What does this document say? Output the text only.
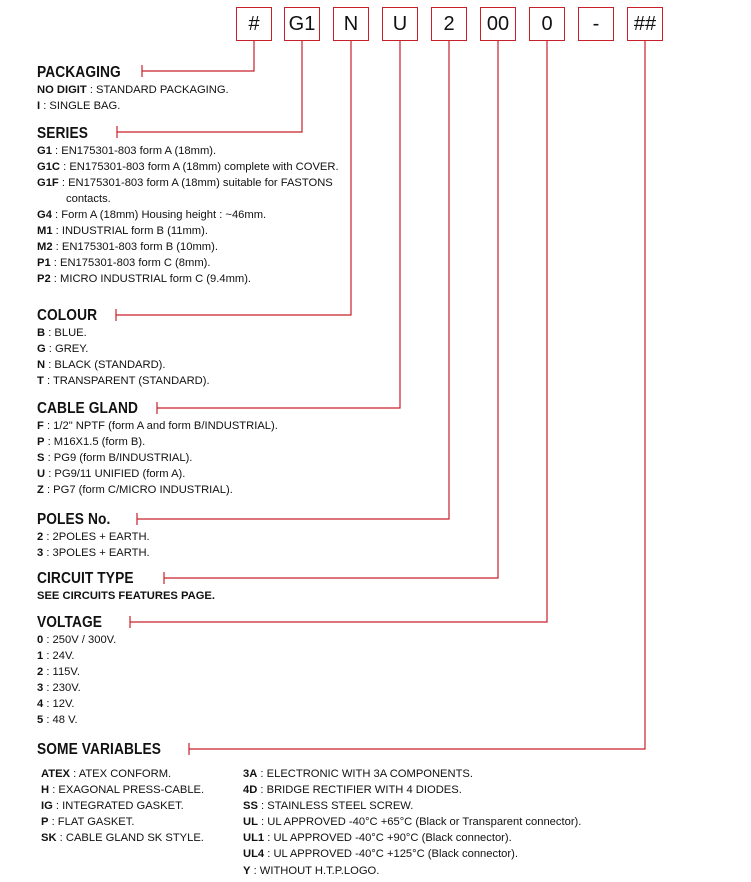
#	G1	N	U	2	00	0	-	##
PACKAGING
NO DIGIT : STANDARD PACKAGING.
I : SINGLE BAG.
SERIES
G1 : EN175301-803 form A (18mm).
G1C : EN175301-803 form A (18mm) complete with COVER.
G1F : EN175301-803 form A (18mm) suitable for FASTONS
contacts.
G4 : Form A (18mm) Housing height : ~46mm.
M1 : INDUSTRIAL form B (11mm).
M2 : EN175301-803 form B (10mm).
P1 : EN175301-803 form C (8mm).
P2 : MICRO INDUSTRIAL form C (9.4mm).
COLOUR
B : BLUE.
G : GREY.
N : BLACK (STANDARD).
T : TRANSPARENT (STANDARD).
CABLE GLAND
F : 1/2" NPTF (form A and form B/INDUSTRIAL).
P : M16X1.5 (form B).
S : PG9 (form B/INDUSTRIAL).
U : PG9/11 UNIFIED (form A).
Z : PG7 (form C/MICRO INDUSTRIAL).
POLES No.
2 : 2POLES + EARTH.
3 : 3POLES + EARTH.
CIRCUIT TYPE
SEE CIRCUITS FEATURES PAGE.
VOLTAGE
0 : 250V / 300V.
1 : 24V.
2 : 115V.
3 : 230V.
4 : 12V.
5 : 48 V.
SOME VARIABLES
ATEX : ATEX CONFORM.
H : EXAGONAL PRESS-CABLE.
IG : INTEGRATED GASKET.
P : FLAT GASKET.
SK : CABLE GLAND SK STYLE.
3A : ELECTRONIC WITH 3A COMPONENTS.
4D : BRIDGE RECTIFIER WITH 4 DIODES.
SS : STAINLESS STEEL SCREW.
UL : UL APPROVED -40°C +65°C (Black or Transparent connector).
UL1 : UL APPROVED -40°C +90°C (Black connector).
UL4 : UL APPROVED -40°C +125°C (Black connector).
Y : WITHOUT H.T.P.LOGO.
